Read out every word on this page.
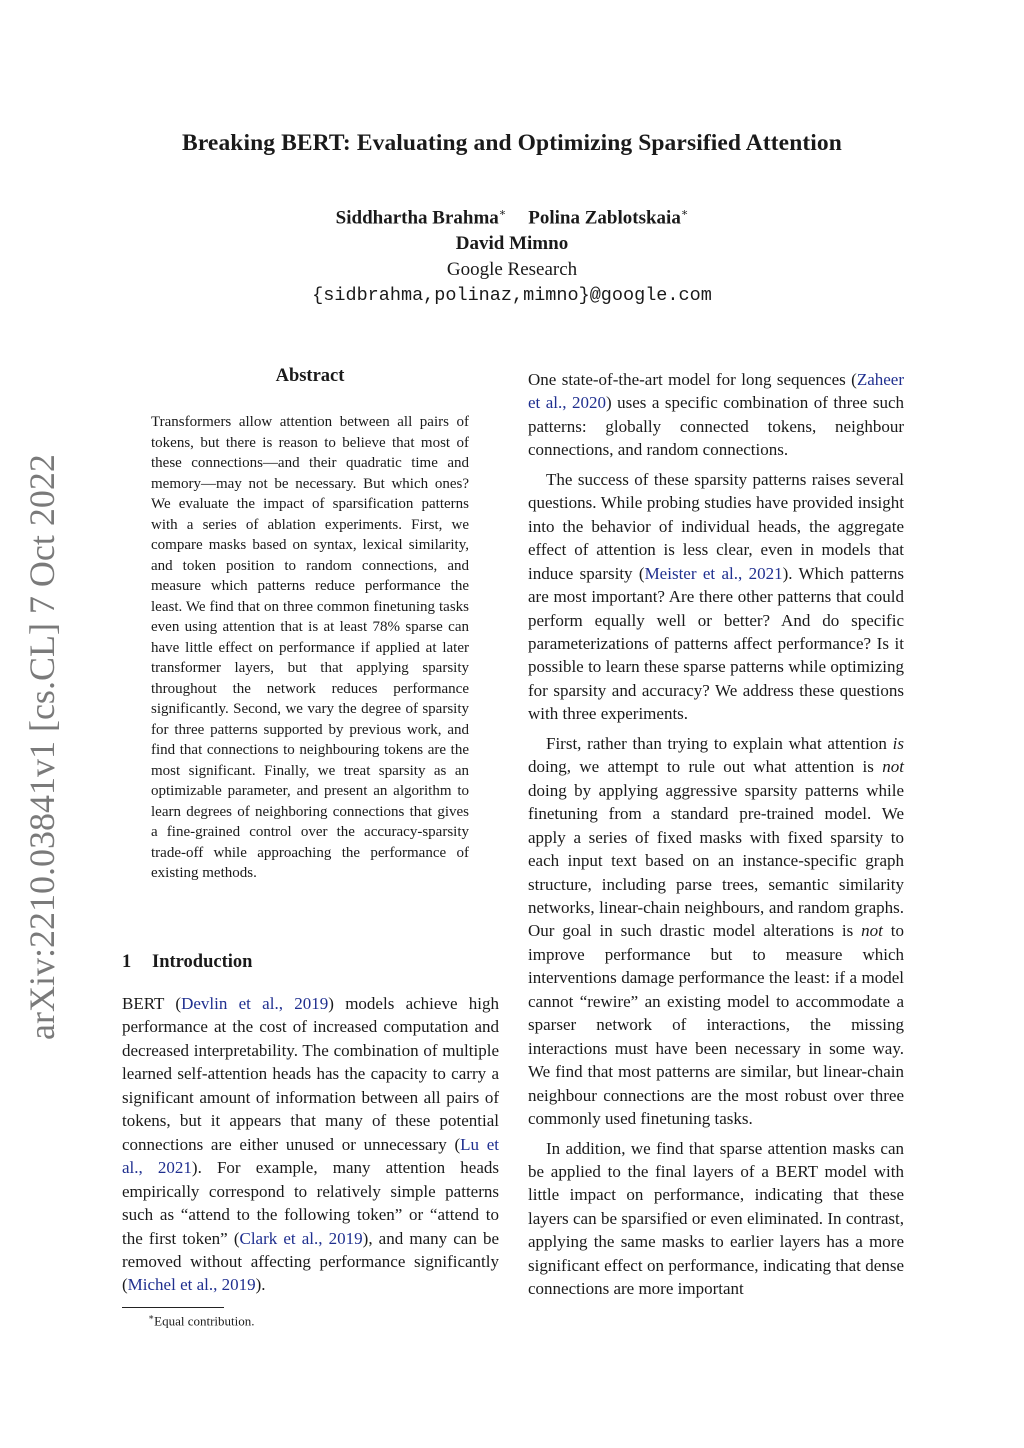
Breaking BERT: Evaluating and Optimizing Sparsified Attention
Siddhartha Brahma∗ Polina Zablotskaia∗
David Mimno
Google Research
{sidbrahma,polinaz,mimno}@google.com
arXiv:2210.03841v1 [cs.CL] 7 Oct 2022
Abstract

Transformers allow attention between all pairs of tokens, but there is reason to believe that most of these connections—and their quadratic time and memory—may not be necessary. But which ones? We evaluate the impact of sparsification patterns with a series of ablation experiments. First, we compare masks based on syntax, lexical similarity, and token position to random connections, and measure which patterns reduce performance the least. We find that on three common finetuning tasks even using attention that is at least 78% sparse can have little effect on performance if applied at later transformer layers, but that applying sparsity throughout the network reduces performance significantly. Second, we vary the degree of sparsity for three patterns supported by previous work, and find that connections to neighbouring tokens are the most significant. Finally, we treat sparsity as an optimizable parameter, and present an algorithm to learn degrees of neighboring connections that gives a fine-grained control over the accuracy-sparsity trade-off while approaching the performance of existing methods.

1 Introduction

BERT (Devlin et al., 2019) models achieve high performance at the cost of increased computation and decreased interpretability. The combination of multiple learned self-attention heads has the capacity to carry a significant amount of information between all pairs of tokens, but it appears that many of these potential connections are either unused or unnecessary (Lu et al., 2021). For example, many attention heads empirically correspond to relatively simple patterns such as “attend to the following token” or “attend to the first token” (Clark et al., 2019), and many can be removed without affecting performance significantly (Michel et al., 2019).

∗Equal contribution.

One state-of-the-art model for long sequences (Zaheer et al., 2020) uses a specific combination of three such patterns: globally connected tokens, neighbour connections, and random connections.

The success of these sparsity patterns raises several questions. While probing studies have provided insight into the behavior of individual heads, the aggregate effect of attention is less clear, even in models that induce sparsity (Meister et al., 2021). Which patterns are most important? Are there other patterns that could perform equally well or better? And do specific parameterizations of patterns affect performance? Is it possible to learn these sparse patterns while optimizing for sparsity and accuracy? We address these questions with three experiments.

First, rather than trying to explain what attention is doing, we attempt to rule out what attention is not doing by applying aggressive sparsity patterns while finetuning from a standard pre-trained model. We apply a series of fixed masks with fixed sparsity to each input text based on an instance-specific graph structure, including parse trees, semantic similarity networks, linear-chain neighbours, and random graphs. Our goal in such drastic model alterations is not to improve performance but to measure which interventions damage performance the least: if a model cannot “rewire” an existing model to accommodate a sparser network of interactions, the missing interactions must have been necessary in some way. We find that most patterns are similar, but linear-chain neighbour connections are the most robust over three commonly used finetuning tasks.

In addition, we find that sparse attention masks can be applied to the final layers of a BERT model with little impact on performance, indicating that these layers can be sparsified or even eliminated. In contrast, applying the same masks to earlier layers has a more significant effect on performance, indicating that dense connections are more important
